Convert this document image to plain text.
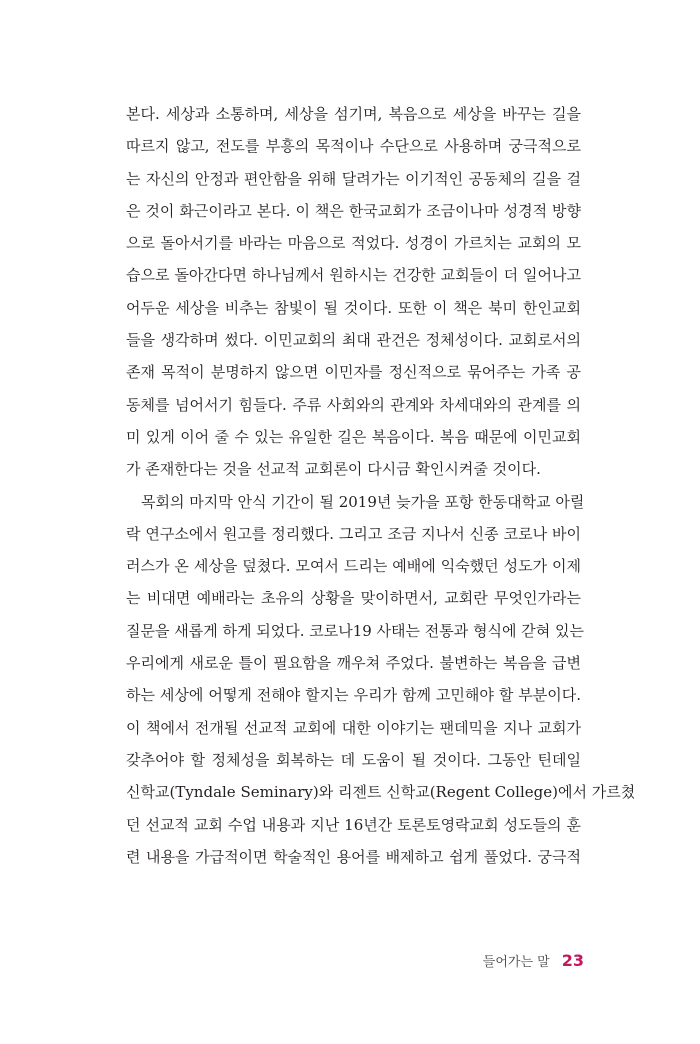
본다. 세상과 소통하며, 세상을 섬기며, 복음으로 세상을 바꾸는 길을
따르지 않고, 전도를 부흥의 목적이나 수단으로 사용하며 궁극적으로
는 자신의 안정과 편안함을 위해 달려가는 이기적인 공동체의 길을 걸
은 것이 화근이라고 본다. 이 책은 한국교회가 조금이나마 성경적 방향
으로 돌아서기를 바라는 마음으로 적었다. 성경이 가르치는 교회의 모
습으로 돌아간다면 하나님께서 원하시는 건강한 교회들이 더 일어나고
어두운 세상을 비추는 참빛이 될 것이다. 또한 이 책은 북미 한인교회
들을 생각하며 썼다. 이민교회의 최대 관건은 정체성이다. 교회로서의
존재 목적이 분명하지 않으면 이민자를 정신적으로 묶어주는 가족 공
동체를 넘어서기 힘들다. 주류 사회와의 관계와 차세대와의 관계를 의
미 있게 이어 줄 수 있는 유일한 길은 복음이다. 복음 때문에 이민교회
가 존재한다는 것을 선교적 교회론이 다시금 확인시켜줄 것이다.
목회의 마지막 안식 기간이 될 2019년 늦가을 포항 한동대학교 아릴
락 연구소에서 원고를 정리했다. 그리고 조금 지나서 신종 코로나 바이
러스가 온 세상을 덮쳤다. 모여서 드리는 예배에 익숙했던 성도가 이제
는 비대면 예배라는 초유의 상황을 맞이하면서, 교회란 무엇인가라는
질문을 새롭게 하게 되었다. 코로나19 사태는 전통과 형식에 갇혀 있는
우리에게 새로운 틀이 필요함을 깨우쳐 주었다. 불변하는 복음을 급변
하는 세상에 어떻게 전해야 할지는 우리가 함께 고민해야 할 부분이다.
이 책에서 전개될 선교적 교회에 대한 이야기는 팬데믹을 지나 교회가
갖추어야 할 정체성을 회복하는 데 도움이 될 것이다. 그동안 틴데일
신학교(Tyndale Seminary)와 리젠트 신학교(Regent College)에서 가르쳤
던 선교적 교회 수업 내용과 지난 16년간 토론토영락교회 성도들의 훈
련 내용을 가급적이면 학술적인 용어를 배제하고 쉽게 풀었다. 궁극적
들어가는 말 23
